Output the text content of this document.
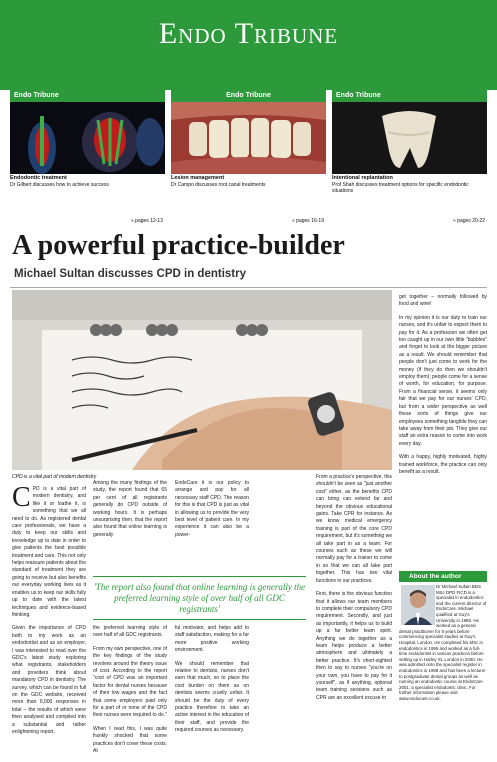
Endo Tribune
Endo Tribune
Endodontic treatment
Dr Gilbert discusses how to achieve success
» pages 12-13
Endo Tribune
Lesion management
Dr Campo discusses root canal treatments
» pages 16-19
Endo Tribune
Intentional replantation
Prof Shah discusses treatment options for specific endodontic situations
» pages 20-22
A powerful practice-builder
Michael Sultan discusses CPD in dentistry
CPD is a vital part of modern dentistry

CPD is a vital part of modern dentistry, and like it or loathe it, is something that we all need to do. As registered dental care professionals, we have a duty to keep our skills and knowledge up to date in order to give patients the best possible treatment and care. This not only helps reassure patients about the standard of treatment they are going to receive but also benefits our everyday working lives as it enables us to keep our skills fully up to date with the latest techniques and evidence-based thinking.

Given the importance of CPD both to my work as an endodontist and as an employer, I was interested to read over the GDC's latest study exploring what registrants, stakeholders and providers think about mandatory CPD in dentistry. The survey, which can be found in full on the GDC website, received more than 6,000 responses in total – the results of which were then analysed and compiled into a substantial and rather enlightening report.

Among the many findings of the study, the report found that 65 per cent of all registrants generally do CPD outside of working hours. It is perhaps unsurprising then, that the report also found that online learning is generally

the preferred learning style of over half of all GDC registrants.

From my own perspective, one of the key findings of the study revolves around the theory issue of cost. According to the report "cost of CPD was an important factor for dental nurses because of their low wages and the fact that some employers paid only for a part of or none of the CPD their nurses were required to do."

When I read this, I was quite frankly shocked that some practices don't cover these costs. At

EndoCare it is our policy to arrange and pay for all necessary staff CPD. The reason for this is that CPD is just as vital in allowing us to provide the very best level of patient care. In my experience it can also be a power-

ful motivator, and helps add to staff satisfaction, making for a far more positive working environment.

We should remember that relative to dentists, nurses don't earn that much, so to place the cost burden on them as on dentists seems cruelly unfair. It should be the duty of every practice therefore to take an active interest in the education of their staff, and provide the required courses as necessary.

'The report also found that online learning is generally the preferred learning style of over half of all GDC registrants'

From a practice's perspective, this shouldn't be seen as "just another cost" either, as the benefits CPD can bring can extend far and beyond the obvious educational gains. Take CPR for instance. As we know medical emergency training is part of the core CPD requirement, but it's something we all take part in as a team. For courses such as these we will normally pay for a trainer to come in so that we can all take part together. This has two vital functions in our practices.

First, there is the obvious function that it allows our team members to complete their compulsory CPD requirement. Secondly, and just as importantly, it helps us to build up a far better team spirit. Anything we do together as a team helps produce a better atmosphere and ultimately a better practice. It's short-sighted then to say to nurses "you're on your own, you have to pay for it yourself", as if anything, optional team training sessions such as CPR are an excellent excuse to

get together – normally followed by food and wine!

In my opinion it is our duty to train our nurses, and it's unfair to expect them to pay for it. As a profession we often get too caught up in our own little "bubbles" and forget to look at the bigger picture as a result. We should remember that people don't just come to work for the money (if they do then we shouldn't employ them); people come for a sense of worth, for education, for purpose. From a financial sense, it seems only fair that we pay for our nurses' CPD, but from a wider perspective as well these sorts of things give our employees something tangible they can take away from their job. They give our staff an extra reason to come into work every day.

With a happy, highly motivated, highly trained workforce, the practice can only benefit as a result.

About the author
Dr Michael Sultan BDS MSc DPD FICD is a specialist in endodontics and the current director of EndoCare. Michael qualified at Guy's University in 1985. He worked as a general dental practitioner for 8 years before commencing specialist studies at Guy's Hospital, London. He completed his MSc in endodontics in 1995 and worked as a full-time endodontist in various practices before setting up in Harley St, London in 2000. He was admitted onto the specialist register in endodontics in 1998 and has been a lecturer to postgraduate dental groups as well as running an endodontic course at EndoCare 2001, a specialist endodontic clinic. For further information please visit www.endocare.co.uk.
